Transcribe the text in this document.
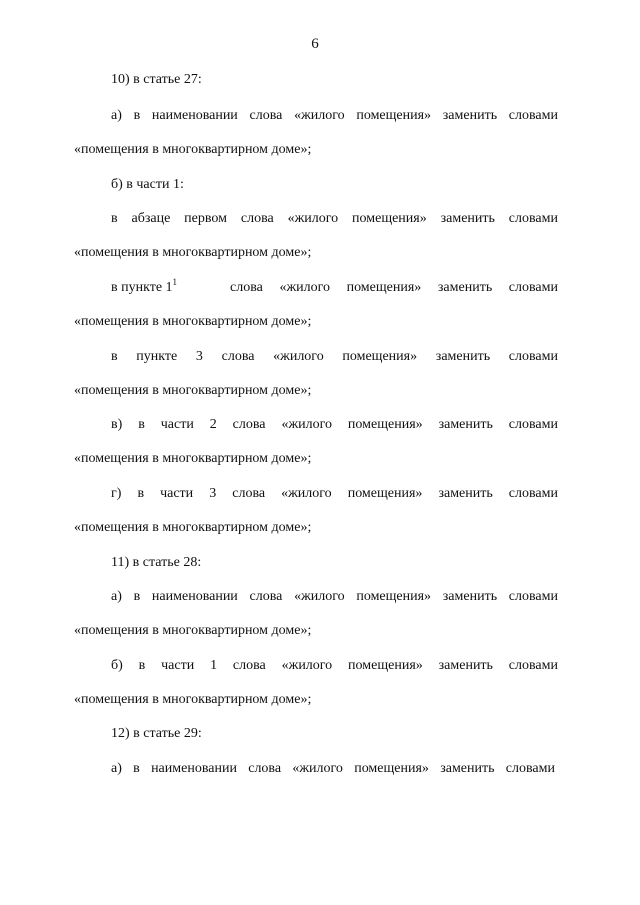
6
10) в статье 27:
а) в наименовании слова «жилого помещения» заменить словами
«помещения в многоквартирном доме»;
б) в части 1:
в абзаце первом слова «жилого помещения» заменить словами
«помещения в многоквартирном доме»;
в пункте $1^1$	слова «жилого помещения» заменить словами
«помещения в многоквартирном доме»;
в пункте 3 слова «жилого помещения» заменить словами
«помещения в многоквартирном доме»;
в) в части 2 слова «жилого помещения» заменить словами
«помещения в многоквартирном доме»;
г) в части 3 слова «жилого помещения» заменить словами
«помещения в многоквартирном доме»;
11) в статье 28:
а) в наименовании слова «жилого помещения» заменить словами
«помещения в многоквартирном доме»;
б) в части 1 слова «жилого помещения» заменить словами
«помещения в многоквартирном доме»;
12) в статье 29:
а) в наименовании слова «жилого помещения» заменить словами
